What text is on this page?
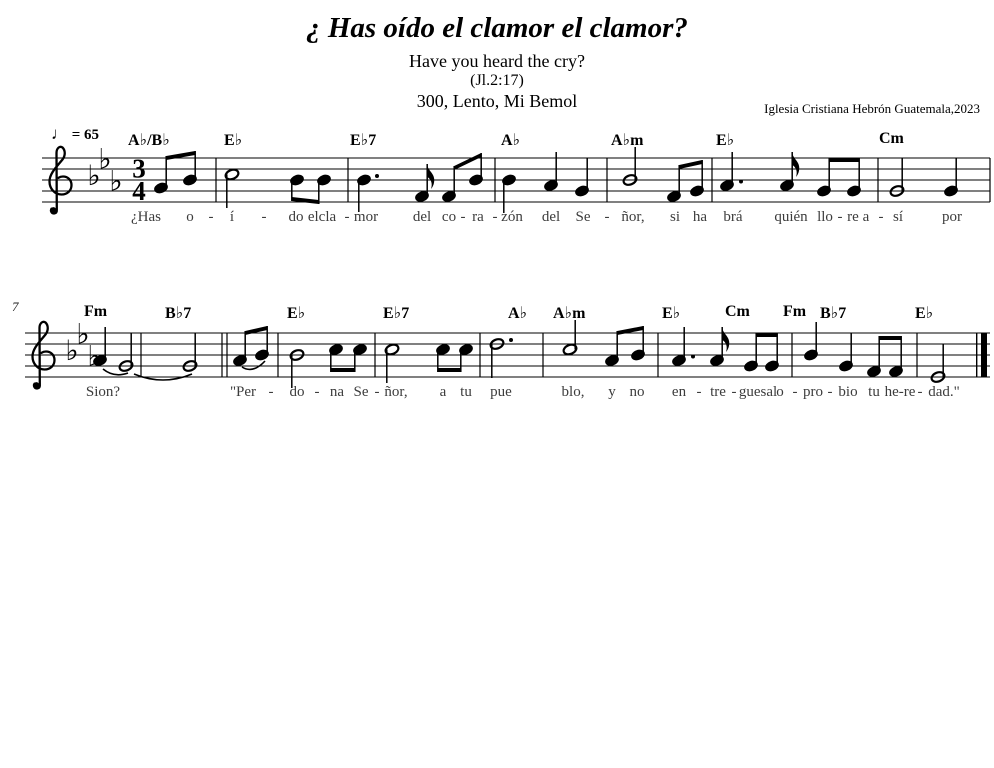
¿ Has oído el clamor el clamor?
Have you heard the cry?
(Jl.2:17)
300, Lento, Mi Bemol	Iglesia Cristiana Hebrón Guatemala,2023
♩ = 65
7
♭
♭
♭ 3
4
♭
♭
♭
A♭/B♭	E♭	E♭7	A♭	A♭m	E♭	Cm
¿Has o - í - do elcla - mor del co - ra - zón del Se - ñor, si ha brá quién llo - re a - sí	por
Fm	B♭7	E♭	E♭7	A♭ A♭m	E♭	Cm Fm B♭7	E♭
Sion?	"Per - do - na Se - ñor, a tu pue	blo, y no en - tre - guesal o - pro - bio tu he-re - dad."
